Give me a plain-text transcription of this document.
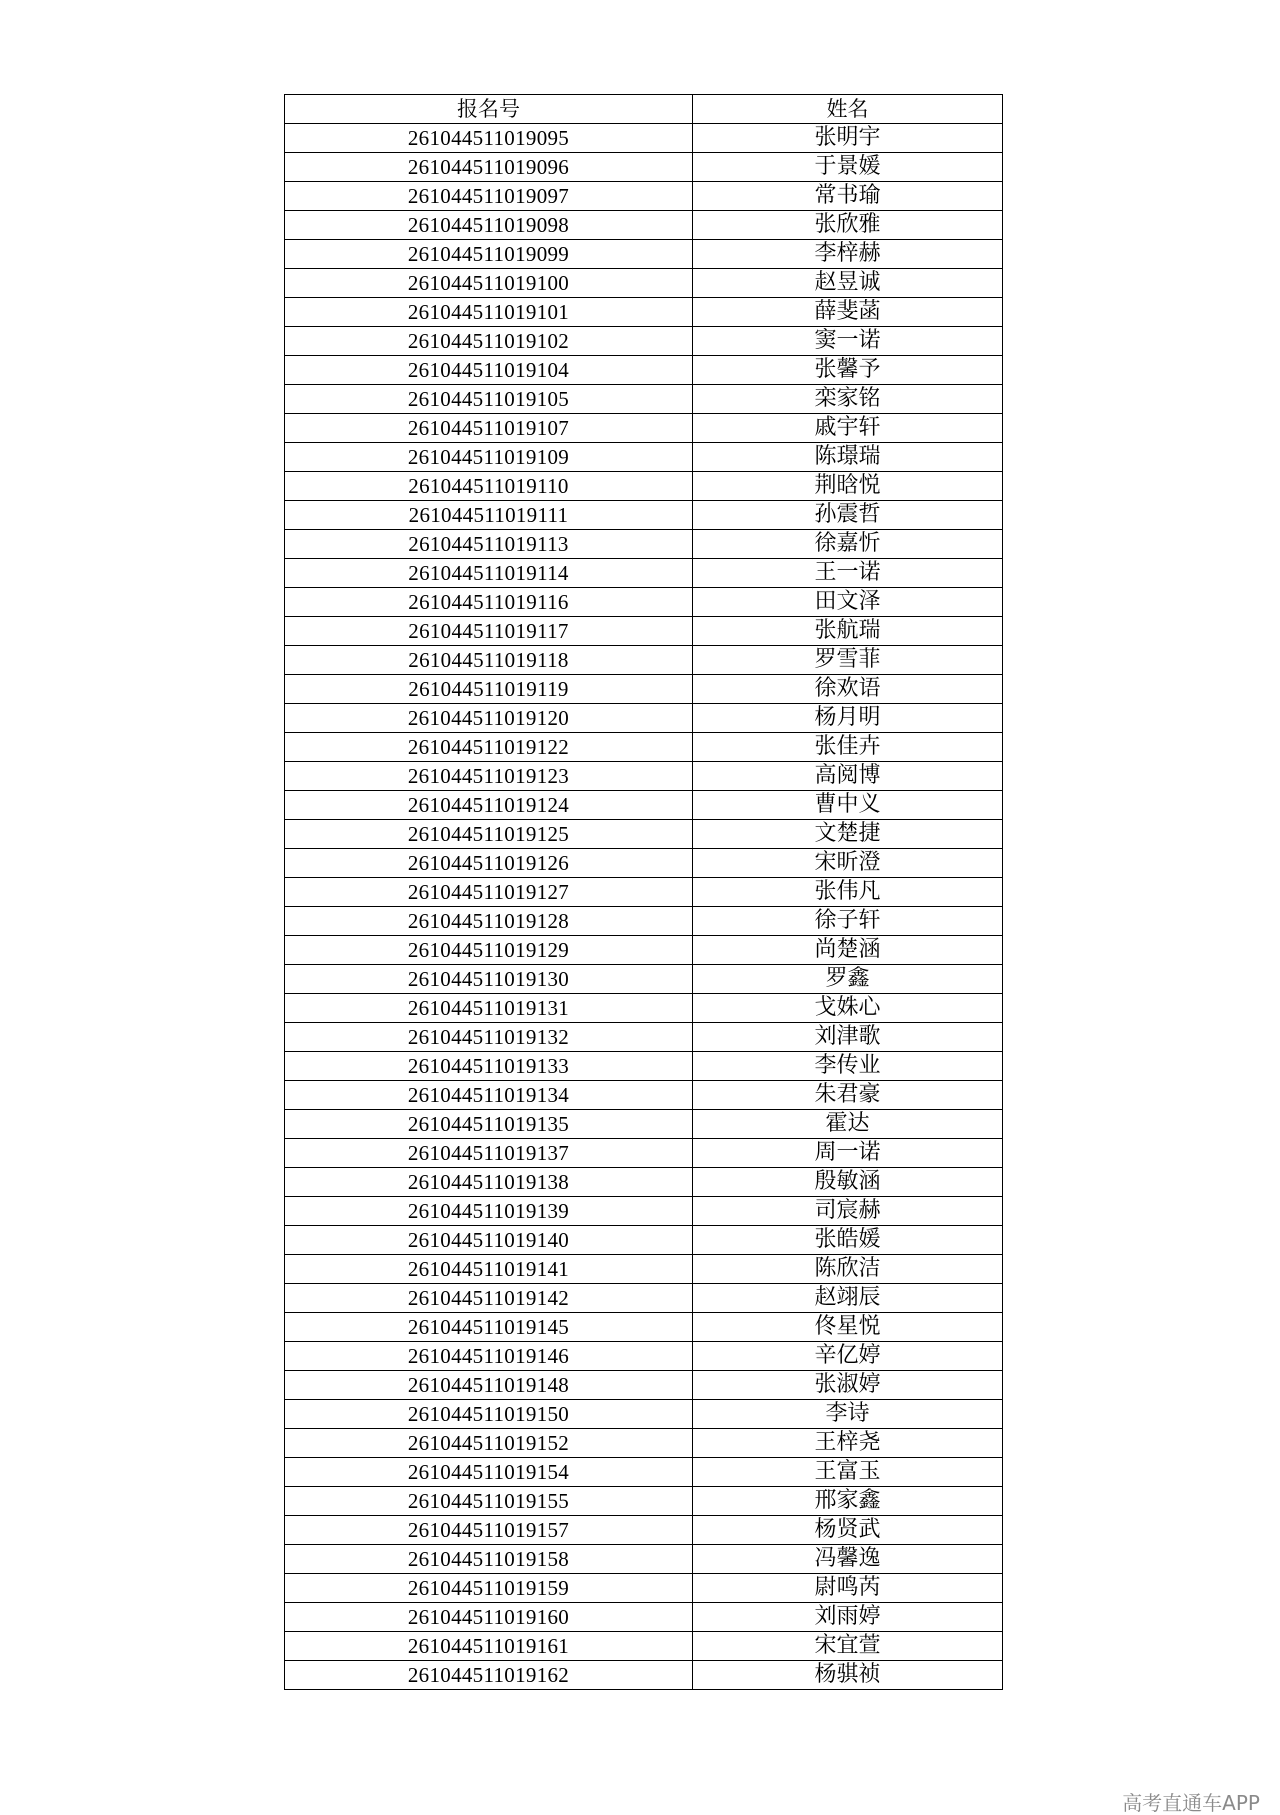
报名号	姓名
261044511019095	张明宇
261044511019096	于景媛
261044511019097	常书瑜
261044511019098	张欣雅
261044511019099	李梓赫
261044511019100	赵昱诚
261044511019101	薛斐菡
261044511019102	窦一诺
261044511019104	张馨予
261044511019105	栾家铭
261044511019107	戚宇轩
261044511019109	陈璟瑞
261044511019110	荆晗悦
261044511019111	孙震哲
261044511019113	徐嘉忻
261044511019114	王一诺
261044511019116	田文泽
261044511019117	张航瑞
261044511019118	罗雪菲
261044511019119	徐欢语
261044511019120	杨月明
261044511019122	张佳卉
261044511019123	高阅博
261044511019124	曹中义
261044511019125	文楚捷
261044511019126	宋昕澄
261044511019127	张伟凡
261044511019128	徐子轩
261044511019129	尚楚涵
261044511019130	罗鑫
261044511019131	戈姝心
261044511019132	刘津歌
261044511019133	李传业
261044511019134	朱君豪
261044511019135	霍达
261044511019137	周一诺
261044511019138	殷敏涵
261044511019139	司宸赫
261044511019140	张皓媛
261044511019141	陈欣洁
261044511019142	赵翊辰
261044511019145	佟星悦
261044511019146	辛亿婷
261044511019148	张淑婷
261044511019150	李诗
261044511019152	王梓尧
261044511019154	王富玉
261044511019155	邢家鑫
261044511019157	杨贤武
261044511019158	冯馨逸
261044511019159	尉鸣芮
261044511019160	刘雨婷
261044511019161	宋宜萱
261044511019162	杨骐祯
高考直通车APP
